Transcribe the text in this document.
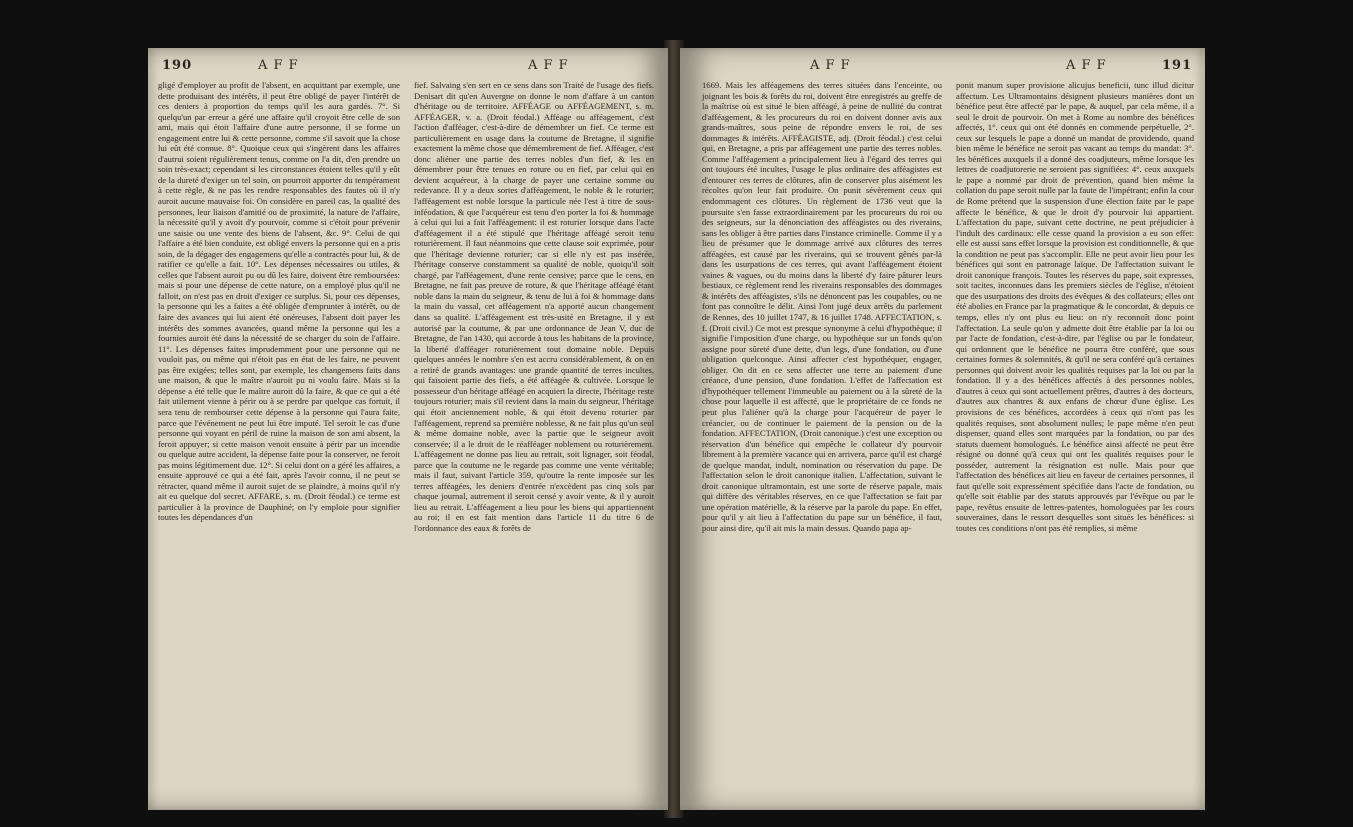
190	A F F	A F F

gligé d'employer au profit de l'absent, en acquittant par exemple, une dette produisant des intérêts, il peut être obligé de payer l'intérêt de ces deniers à proportion du temps qu'il les aura gardés. 7°. Si quelqu'un par erreur a géré une affaire qu'il croyoit être celle de son ami, mais qui étoit l'affaire d'une autre personne, il se forme un engagement entre lui & cette personne, comme s'il savoit que la chose lui eût été connue. 8°. Quoique ceux qui s'ingèrent dans les affaires d'autrui soient régulièrement tenus, comme on l'a dit, d'en prendre un soin très-exact; cependant si les circonstances étoient telles qu'il y eût de la dureté d'exiger un tel soin, on pourroit apporter du tempérament à cette règle, & ne pas les rendre responsables des fautes où il n'y auroit aucune mauvaise foi. On considère en pareil cas, la qualité des personnes, leur liaison d'amitié ou de proximité, la nature de l'affaire, la nécessité qu'il y avoit d'y pourvoir, comme si c'étoit pour prévenir une saisie ou une vente des biens de l'absent, &c. 9°. Celui de qui l'affaire a été bien conduite, est obligé envers la personne qui en a pris soin, de la dégager des engagemens qu'elle a contractés pour lui, & de ratifier ce qu'elle a fait. 10°. Les dépenses nécessaires ou utiles, & celles que l'absent auroit pu ou dû les faire, doivent être remboursées: mais si pour une dépense de cette nature, on a employé plus qu'il ne falloit, on n'est pas en droit d'exiger ce surplus. Si, pour ces dépenses, la personne qui les a faites a été obligée d'emprunter à intérêt, ou de faire des avances qui lui aient été onéreuses, l'absent doit payer les intérêts des sommes avancées, quand même la personne qui les a fournies auroit été dans la nécessité de se charger du soin de l'affaire. 11°. Les dépenses faites imprudemment pour une personne qui ne vouloit pas, ou même qui n'étoit pas en état de les faire, ne peuvent pas être exigées; telles sont, par exemple, les changemens faits dans une maison, & que le maître n'auroit pu ni voulu faire. Mais si la dépense a été telle que le maître auroit dû la faire, & que ce qui a été fait utilement vienne à périr ou à se perdre par quelque cas fortuit, il sera tenu de rembourser cette dépense à la personne qui l'aura faite, parce que l'événement ne peut lui être imputé. Tel seroit le cas d'une personne qui voyant en péril de ruine la maison de son ami absent, la feroit appuyer; si cette maison venoit ensuite à périr par un incendie ou quelque autre accident, la dépense faite pour la conserver, ne feroit pas moins légitimement due. 12°. Si celui dont on a géré les affaires, a ensuite approuvé ce qui a été fait, après l'avoir connu, il ne peut se rétracter, quand même il auroit sujet de se plaindre, à moins qu'il n'y ait eu quelque dol secret. AFFARE, s. m. (Droit féodal.) ce terme est particulier à la province de Dauphiné; on l'y emploie pour signifier toutes les dépendances d'un

fief. Salvaing s'en sert en ce sens dans son Traité de l'usage des fiefs. Denisart dit qu'en Auvergne on donne le nom d'affare à un canton d'héritage ou de territoire. AFFÉAGE ou AFFÉAGEMENT, s. m. AFFÉAGER, v. a. (Droit féodal.) Afféage ou afféagement, c'est l'action d'afféager, c'est-à-dire de démembrer un fief. Ce terme est particulièrement en usage dans la coutume de Bretagne, il signifie exactement la même chose que démembrement de fief. Afféager, c'est donc aliéner une partie des terres nobles d'un fief, & les en démembrer pour être tenues en roture ou en fief, par celui qui en devient acquéreur, à la charge de payer une certaine somme ou redevance. Il y a deux sortes d'afféagement, le noble & le roturier; l'afféagement est noble lorsque la particule née l'est à titre de sous-inféodation, & que l'acquéreur est tenu d'en porter la foi & hommage à celui qui lui a fait l'afféagement: il est roturier lorsque dans l'acte d'afféagement il a été stipulé que l'héritage afféagé seroit tenu roturièrement. Il faut néanmoins que cette clause soit exprimée, pour que l'héritage devienne roturier; car si elle n'y est pas insérée, l'héritage conserve constamment sa qualité de noble, quoiqu'il soit chargé, par l'afféagement, d'une rente censive; parce que le cens, en Bretagne, ne fait pas preuve de roture, & que l'héritage afféagé étant noble dans la main du seigneur, & tenu de lui à foi & hommage dans la main du vassal, cet afféagement n'a apporté aucun changement dans sa qualité. L'afféagement est très-usité en Bretagne, il y est autorisé par la coutume, & par une ordonnance de Jean V, duc de Bretagne, de l'an 1430, qui accorde à tous les habitans de la province, la liberté d'afféager roturièrement tout domaine noble. Depuis quelques années le nombre s'en est accru considérablement, & on en a retiré de grands avantages: une grande quantité de terres incultes, qui faisoient partie des fiefs, a été afféagée & cultivée. Lorsque le possesseur d'un héritage afféagé en acquiert la directe, l'héritage reste toujours roturier; mais s'il revient dans la main du seigneur, l'héritage qui étoit anciennement noble, & qui étoit devenu roturier par l'afféagement, reprend sa première noblesse, & ne fait plus qu'un seul & même domaine noble, avec la partie que le seigneur avoit conservée; il a le droit de le réafféager noblement ou roturièrement. L'afféagement ne donne pas lieu au retrait, soit lignager, soit féodal, parce que la coutume ne le regarde pas comme une vente véritable; mais il faut, suivant l'article 359, qu'outre la rente imposée sur les terres afféagées, les deniers d'entrée n'excèdent pas cinq sols par chaque journal, autrement il seroit censé y avoir vente, & il y auroit lieu au retrait. L'afféagement a lieu pour les biens qui appartiennent au roi; il en est fait mention dans l'article 11 du titre 6 de l'ordonnance des eaux & forêts de

A F F	A F F	191

1669. Mais les afféagemens des terres situées dans l'enceinte, ou joignant les bois & forêts du roi, doivent être enregistrés au greffe de la maîtrise où est situé le bien afféagé, à peine de nullité du contrat d'afféagement, & les procureurs du roi en doivent donner avis aux grands-maîtres, sous peine de répondre envers le roi, de ses dommages & intérêts. AFFÉAGISTE, adj. (Droit féodal.) c'est celui qui, en Bretagne, a pris par afféagement une partie des terres nobles. Comme l'afféagement a principalement lieu à l'égard des terres qui ont toujours été incultes, l'usage le plus ordinaire des afféagistes est d'entourer ces terres de clôtures, afin de conserver plus aisément les récoltes qu'on leur fait produire. On punit sévèrement ceux qui endommagent ces clôtures. Un règlement de 1736 veut que la poursuite s'en fasse extraordinairement par les procureurs du roi ou des seigneurs, sur la dénonciation des afféagistes ou des riverains, sans les obliger à être parties dans l'instance criminelle. Comme il y a lieu de présumer que le dommage arrivé aux clôtures des terres afféagées, est causé par les riverains, qui se trouvent gênés par-là dans les usurpations de ces terres, qui avant l'afféagement étoient vaines & vagues, ou du moins dans la liberté d'y faire pâturer leurs bestiaux, ce règlement rend les riverains responsables des dommages & intérêts des afféagistes, s'ils ne dénoncent pas les coupables, ou ne font pas connoître le délit. Ainsi l'ont jugé deux arrêts du parlement de Rennes, des 10 juillet 1747, & 16 juillet 1748. AFFECTATION, s. f. (Droit civil.) Ce mot est presque synonyme à celui d'hypothèque; il signifie l'imposition d'une charge, ou hypothèque sur un fonds qu'on assigne pour sûreté d'une dette, d'un legs, d'une fondation, ou d'une obligation quelconque. Ainsi affecter c'est hypothéquer, engager, obliger. On dit en ce sens affecter une terre au paiement d'une créance, d'une pension, d'une fondation. L'effet de l'affectation est d'hypothéquer tellement l'immeuble au paiement ou à la sûreté de la chose pour laquelle il est affecté, que le propriétaire de ce fonds ne peut plus l'aliéner qu'à la charge pour l'acquéreur de payer le créancier, ou de continuer le paiement de la pension ou de la fondation. AFFECTATION, (Droit canonique.) c'est une exception ou réservation d'un bénéfice qui empêche le collateur d'y pourvoir librement à la première vacance qui en arrivera, parce qu'il est chargé de quelque mandat, indult, nomination ou réservation du pape. De l'affectation selon le droit canonique italien. L'affectation, suivant le droit canonique ultramontain, est une sorte de réserve papale, mais qui diffère des véritables réserves, en ce que l'affectation se fait par une opération matérielle, & la réserve par la parole du pape. En effet, pour qu'il y ait lieu à l'affectation du pape sur un bénéfice, il faut, pour ainsi dire, qu'il ait mis la main dessus. Quando papa ap-

ponit manum super provisione alicujus beneficii, tunc illud dicitur affectum. Les Ultramontains désignent plusieurs manières dont un bénéfice peut être affecté par le pape, & auquel, par cela même, il a seul le droit de pourvoir. On met à Rome au nombre des bénéfices affectés, 1°. ceux qui ont été donnés en commende perpétuelle, 2°. ceux sur lesquels le pape a donné un mandat de providendo, quand bien même le bénéfice ne seroit pas vacant au temps du mandat: 3°. les bénéfices auxquels il a donné des coadjuteurs, même lorsque les lettres de coadjutorerie ne seroient pas signifiées: 4°. ceux auxquels le pape a nommé par droit de prévention, quand bien même la collation du pape seroit nulle par la faute de l'impétrant; enfin la cour de Rome prétend que la suspension d'une élection faite par le pape affecte le bénéfice, & que le droit d'y pourvoir lui appartient. L'affectation du pape, suivant cette doctrine, ne peut préjudicier à l'indult des cardinaux: elle cesse quand la provision a eu son effet: elle est aussi sans effet lorsque la provision est conditionnelle, & que la condition ne peut pas s'accomplir. Elle ne peut avoir lieu pour les bénéfices qui sont en patronage laïque. De l'affectation suivant le droit canonique françois. Toutes les réserves du pape, soit expresses, soit tacites, inconnues dans les premiers siècles de l'église, n'étoient que des usurpations des droits des évêques & des collateurs; elles ont été abolies en France par la pragmatique & le concordat, & depuis ce temps, elles n'y ont plus eu lieu: on n'y reconnoît donc point l'affectation. La seule qu'on y admette doit être établie par la loi ou par l'acte de fondation, c'est-à-dire, par l'église ou par le fondateur, qui ordonnent que le bénéfice ne pourra être conféré, que sous certaines formes & solemnités, & qu'il ne sera conféré qu'à certaines personnes qui doivent avoir les qualités requises par la loi ou par la fondation. Il y a des bénéfices affectés à des personnes nobles, d'autres à ceux qui sont actuellement prêtres, d'autres à des docteurs, d'autres aux chantres & aux enfans de chœur d'une église. Les provisions de ces bénéfices, accordées à ceux qui n'ont pas les qualités requises, sont absolument nulles; le pape même n'en peut dispenser, quand elles sont marquées par la fondation, ou par des statuts duement homologués. Le bénéfice ainsi affecté ne peut être résigné ou donné qu'à ceux qui ont les qualités requises pour le posséder, autrement la résignation est nulle. Mais pour que l'affectation des bénéfices ait lieu en faveur de certaines personnes, il faut qu'elle soit expressément spécifiée dans l'acte de fondation, ou qu'elle soit établie par des statuts approuvés par l'évêque ou par le pape, revêtus ensuite de lettres-patentes, homologuées par les cours souveraines, dans le ressort desquelles sont situés les bénéfices: si toutes ces conditions n'ont pas été remplies, si même
